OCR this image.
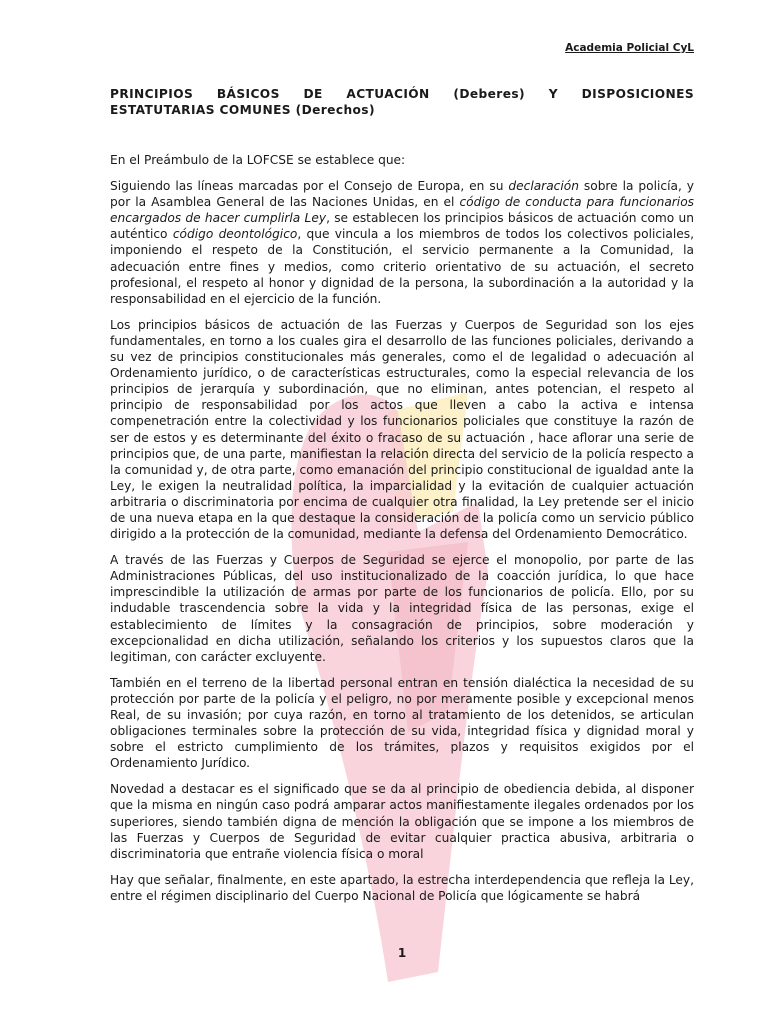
Academia Policial CyL
PRINCIPIOS BÁSICOS DE ACTUACIÓN (Deberes) Y DISPOSICIONES
ESTATUTARIAS COMUNES (Derechos)

En el Preámbulo de la LOFCSE se establece que:

Siguiendo las líneas marcadas por el Consejo de Europa, en su declaración sobre la policía, y por la Asamblea General de las Naciones Unidas, en el código de conducta para funcionarios encargados de hacer cumplirla Ley, se establecen los principios básicos de actuación como un auténtico código deontológico, que vincula a los miembros de todos los colectivos policiales, imponiendo el respeto de la Constitución, el servicio permanente a la Comunidad, la adecuación entre fines y medios, como criterio orientativo de su actuación, el secreto profesional, el respeto al honor y dignidad de la persona, la subordinación a la autoridad y la responsabilidad en el ejercicio de la función.

Los principios básicos de actuación de las Fuerzas y Cuerpos de Seguridad son los ejes fundamentales, en torno a los cuales gira el desarrollo de las funciones policiales, derivando a su vez de principios constitucionales más generales, como el de legalidad o adecuación al Ordenamiento jurídico, o de características estructurales, como la especial relevancia de los principios de jerarquía y subordinación, que no eliminan, antes potencian, el respeto al principio de responsabilidad por los actos que lleven a cabo la activa e intensa compenetración entre la colectividad y los funcionarios policiales que constituye la razón de ser de estos y es determinante del éxito o fracaso de su actuación , hace aflorar una serie de principios que, de una parte, manifiestan la relación directa del servicio de la policía respecto a la comunidad y, de otra parte, como emanación del principio constitucional de igualdad ante la Ley, le exigen la neutralidad política, la imparcialidad y la evitación de cualquier actuación arbitraria o discriminatoria por encima de cualquier otra finalidad, la Ley pretende ser el inicio de una nueva etapa en la que destaque la consideración de la policía como un servicio público dirigido a la protección de la comunidad, mediante la defensa del Ordenamiento Democrático.

A través de las Fuerzas y Cuerpos de Seguridad se ejerce el monopolio, por parte de las Administraciones Públicas, del uso institucionalizado de la coacción jurídica, lo que hace imprescindible la utilización de armas por parte de los funcionarios de policía. Ello, por su indudable trascendencia sobre la vida y la integridad física de las personas, exige el establecimiento de límites y la consagración de principios, sobre moderación y excepcionalidad en dicha utilización, señalando los criterios y los supuestos claros que la legitiman, con carácter excluyente.

También en el terreno de la libertad personal entran en tensión dialéctica la necesidad de su protección por parte de la policía y el peligro, no por meramente posible y excepcional menos Real, de su invasión; por cuya razón, en torno al tratamiento de los detenidos, se articulan obligaciones terminales sobre la protección de su vida, integridad física y dignidad moral y sobre el estricto cumplimiento de los trámites, plazos y requisitos exigidos por el Ordenamiento Jurídico.

Novedad a destacar es el significado que se da al principio de obediencia debida, al disponer que la misma en ningún caso podrá amparar actos manifiestamente ilegales ordenados por los superiores, siendo también digna de mención la obligación que se impone a los miembros de las Fuerzas y Cuerpos de Seguridad de evitar cualquier practica abusiva, arbitraria o discriminatoria que entrañe violencia física o moral

Hay que señalar, finalmente, en este apartado, la estrecha interdependencia que refleja la Ley, entre el régimen disciplinario del Cuerpo Nacional de Policía que lógicamente se habrá

1
